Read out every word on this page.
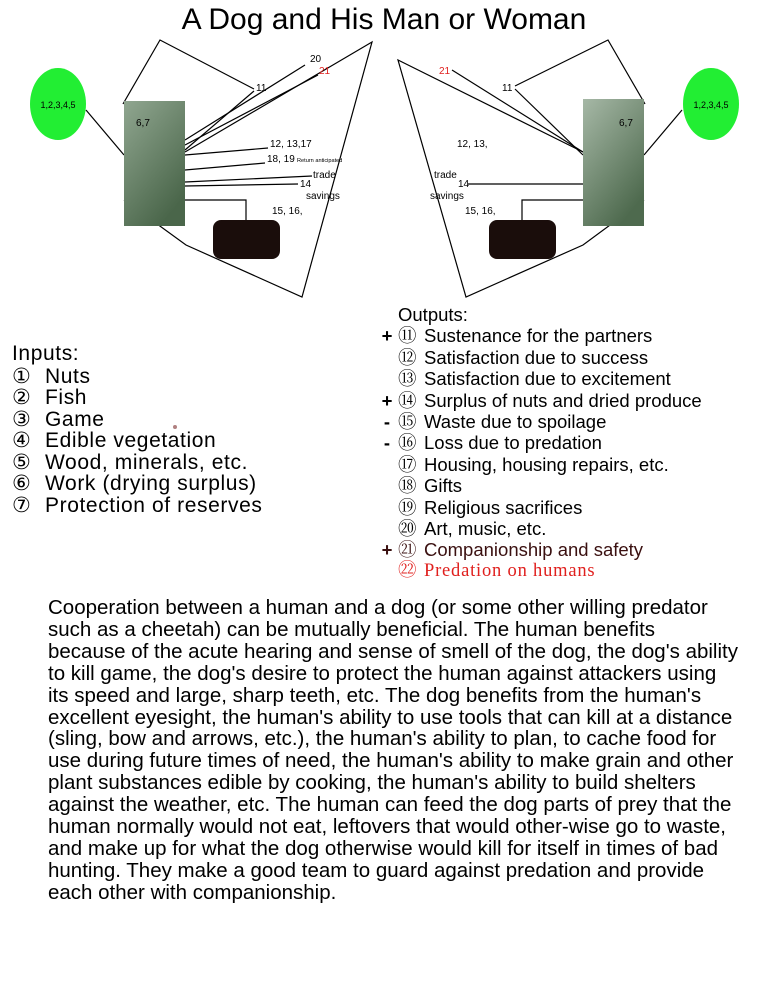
A Dog and His Man or Woman
1,2,3,4,5
6,7
20
21
11
12, 13,17
18, 19 Return anticipated
trade
14
savings
15, 16,
1,2,3,4,5
6,7
21
11
12, 13,
trade
14
savings
15, 16,
Inputs:
① Nuts
② Fish
③ Game
④ Edible vegetation
⑤ Wood, minerals, etc.
⑥ Work (drying surplus)
⑦ Protection of reserves
Outputs:
+ ⑪ Sustenance for the partners
⑫ Satisfaction due to success
⑬ Satisfaction due to excitement
+ ⑭ Surplus of nuts and dried produce
- ⑮ Waste due to spoilage
- ⑯ Loss due to predation
⑰ Housing, housing repairs, etc.
⑱ Gifts
⑲ Religious sacrifices
⑳ Art, music, etc.
+ ㉑ Companionship and safety
㉒ Predation on humans
Cooperation between a human and a dog (or some other willing predator such as a cheetah) can be mutually beneficial. The human benefits because of the acute hearing and sense of smell of the dog, the dog's ability to kill game, the dog's desire to protect the human against attackers using its speed and large, sharp teeth, etc. The dog benefits from the human's excellent eyesight, the human's ability to use tools that can kill at a distance (sling, bow and arrows, etc.), the human's ability to plan, to cache food for use during future times of need, the human's ability to make grain and other plant substances edible by cooking, the human's ability to build shelters against the weather, etc. The human can feed the dog parts of prey that the human normally would not eat, leftovers that would other-wise go to waste, and make up for what the dog otherwise would kill for itself in times of bad hunting. They make a good team to guard against predation and provide each other with companionship.
